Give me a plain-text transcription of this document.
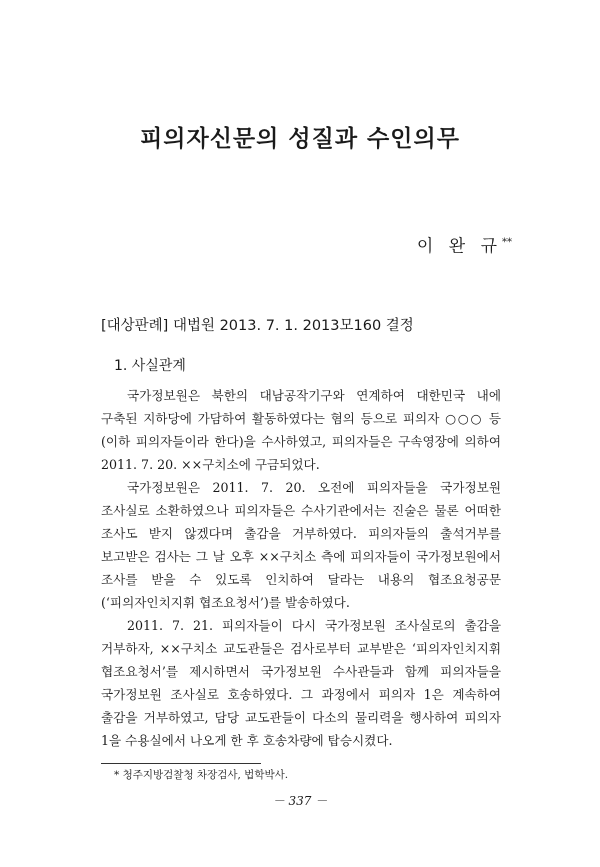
피의자신문의 성질과 수인의무
이 완 규**
[대상판례] 대법원 2013. 7. 1. 2013모160 결정
1. 사실관계

국가정보원은 북한의 대남공작기구와 연계하여 대한민국 내에 구축된 지하당에 가담하여 활동하였다는 혐의 등으로 피의자 ○○○ 등(이하 피의자들이라 한다)을 수사하였고, 피의자들은 구속영장에 의하여 2011. 7. 20. ××구치소에 구금되었다.

국가정보원은 2011. 7. 20. 오전에 피의자들을 국가정보원 조사실로 소환하였으나 피의자들은 수사기관에서는 진술은 물론 어떠한 조사도 받지 않겠다며 출감을 거부하였다. 피의자들의 출석거부를 보고받은 검사는 그 날 오후 ××구치소 측에 피의자들이 국가정보원에서 조사를 받을 수 있도록 인치하여 달라는 내용의 협조요청공문(‘피의자인치지휘 협조요청서’)를 발송하였다.

2011. 7. 21. 피의자들이 다시 국가정보원 조사실로의 출감을 거부하자, ××구치소 교도관들은 검사로부터 교부받은 ‘피의자인치지휘 협조요청서’를 제시하면서 국가정보원 수사관들과 함께 피의자들을 국가정보원 조사실로 호송하였다. 그 과정에서 피의자 1은 계속하여 출감을 거부하였고, 담당 교도관들이 다소의 물리력을 행사하여 피의자 1을 수용실에서 나오게 한 후 호송차량에 탑승시켰다.

* 청주지방검찰청 차장검사, 법학박사.
－ 337 －
